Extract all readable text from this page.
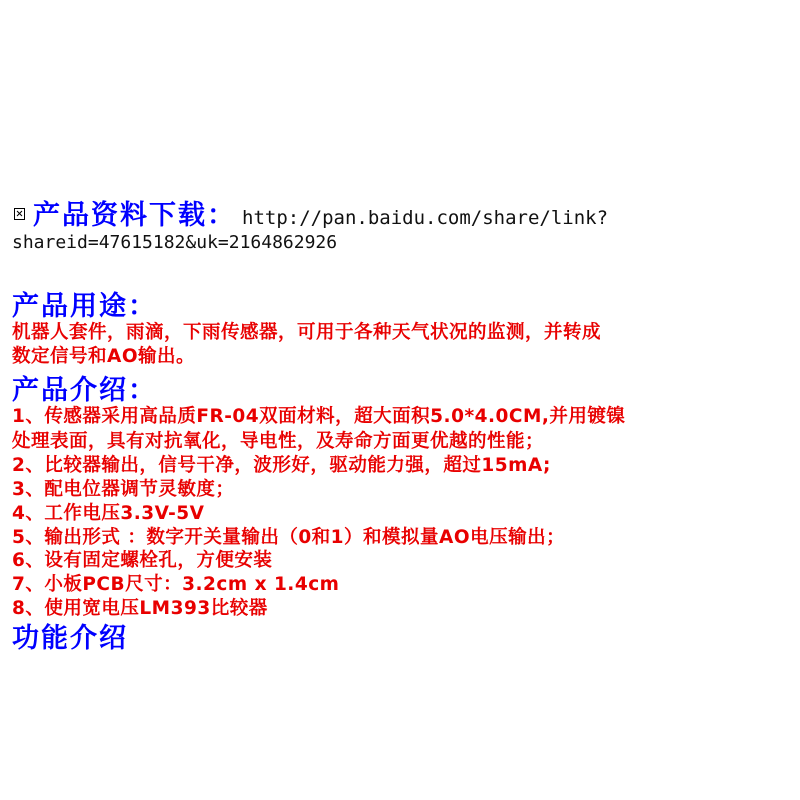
产品资料下载： http://pan.baidu.com/share/link?
shareid=47615182&uk=2164862926
产品用途：
机器人套件，雨滴，下雨传感器，可用于各种天气状况的监测，并转成
数定信号和AO输出。
产品介绍：
1、传感器采用高品质FR-04双面材料，超大面积5.0*4.0CM,并用镀镍
处理表面，具有对抗氧化，导电性，及寿命方面更优越的性能；
2、比较器输出，信号干净，波形好，驱动能力强，超过15mA;
3、配电位器调节灵敏度；
4、工作电压3.3V-5V
5、输出形式 ：数字开关量输出（0和1）和模拟量AO电压输出；
6、设有固定螺栓孔，方便安装
7、小板PCB尺寸：3.2cm x 1.4cm
8、使用宽电压LM393比较器
功能介绍
